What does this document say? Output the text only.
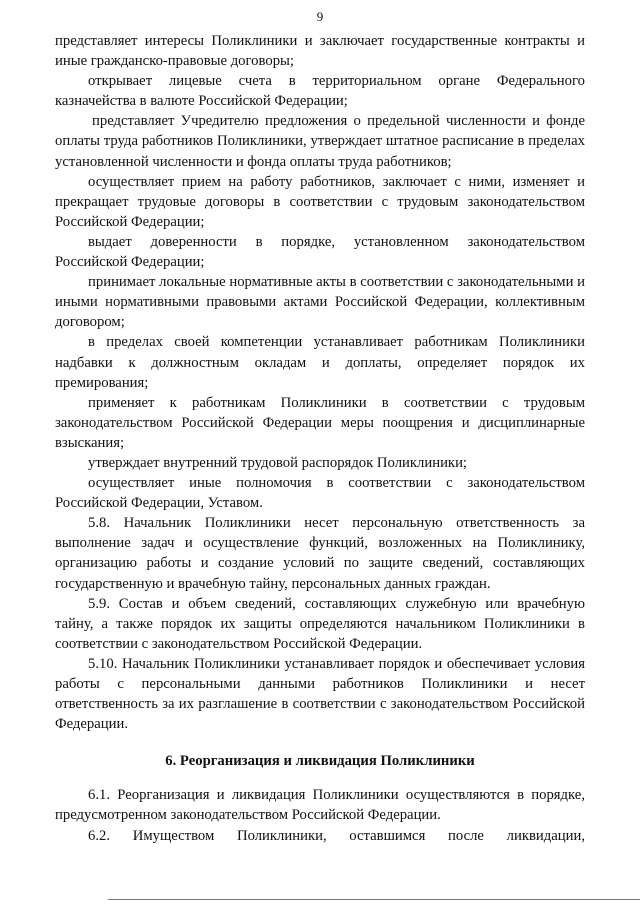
9

представляет интересы Поликлиники и заключает государственные контракты и иные гражданско-правовые договоры;

открывает лицевые счета в территориальном органе Федерального казначейства в валюте Российской Федерации;

представляет Учредителю предложения о предельной численности и фонде оплаты труда работников Поликлиники, утверждает штатное расписание в пределах установленной численности и фонда оплаты труда работников;

осуществляет прием на работу работников, заключает с ними, изменяет и прекращает трудовые договоры в соответствии с трудовым законодательством Российской Федерации;

выдает доверенности в порядке, установленном законодательством Российской Федерации;

принимает локальные нормативные акты в соответствии с законодательными и иными нормативными правовыми актами Российской Федерации, коллективным договором;

в пределах своей компетенции устанавливает работникам Поликлиники надбавки к должностным окладам и доплаты, определяет порядок их премирования;

применяет к работникам Поликлиники в соответствии с трудовым законодательством Российской Федерации меры поощрения и дисциплинарные взыскания;

утверждает внутренний трудовой распорядок Поликлиники;

осуществляет иные полномочия в соответствии с законодательством Российской Федерации, Уставом.

5.8. Начальник Поликлиники несет персональную ответственность за выполнение задач и осуществление функций, возложенных на Поликлинику, организацию работы и создание условий по защите сведений, составляющих государственную и врачебную тайну, персональных данных граждан.

5.9. Состав и объем сведений, составляющих служебную или врачебную тайну, а также порядок их защиты определяются начальником Поликлиники в соответствии с законодательством Российской Федерации.

5.10. Начальник Поликлиники устанавливает порядок и обеспечивает условия работы с персональными данными работников Поликлиники и несет ответственность за их разглашение в соответствии с законодательством Российской Федерации.

6. Реорганизация и ликвидация Поликлиники

6.1. Реорганизация и ликвидация Поликлиники осуществляются в порядке, предусмотренном законодательством Российской Федерации.

6.2. Имуществом Поликлиники, оставшимся после ликвидации,
